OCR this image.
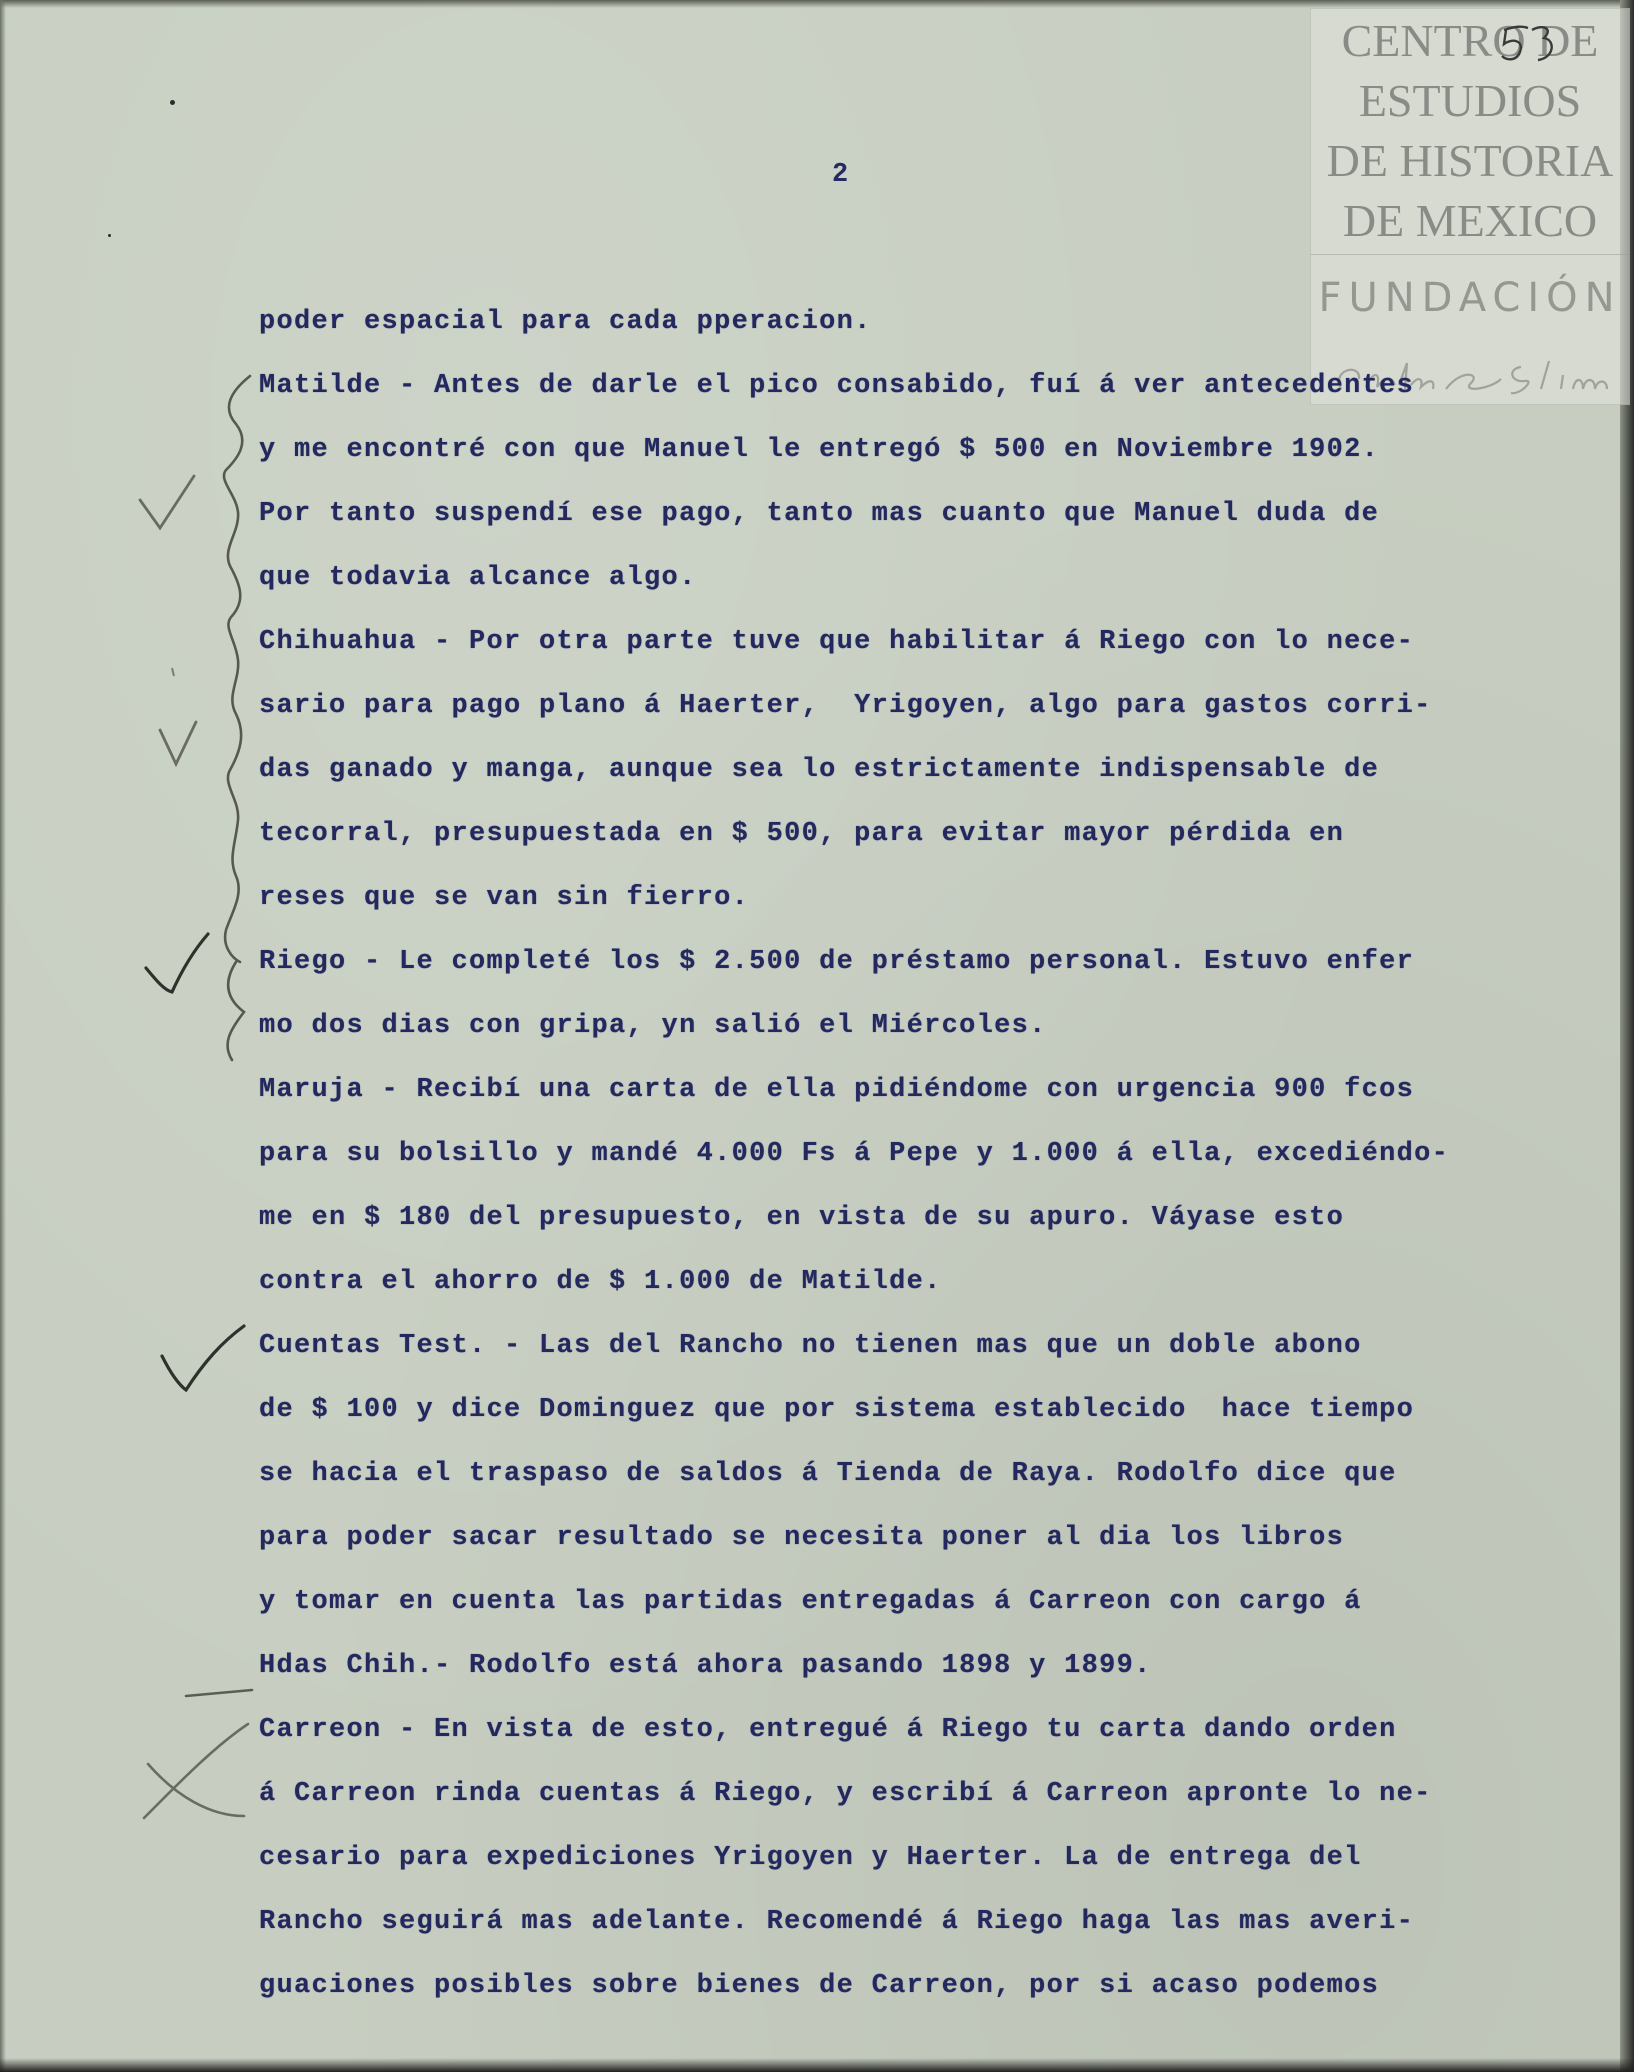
CENTRO DE
ESTUDIOS
DE HISTORIA
DE MEXICO
FUNDACIÓN
2
poder espacial para cada pperacion.
Matilde - Antes de darle el pico consabido, fuí á ver antecedentes
y me encontré con que Manuel le entregó $ 500 en Noviembre 1902.
Por tanto suspendí ese pago, tanto mas cuanto que Manuel duda de
que todavia alcance algo.
Chihuahua - Por otra parte tuve que habilitar á Riego con lo nece-
sario para pago plano á Haerter,  Yrigoyen, algo para gastos corri-
das ganado y manga, aunque sea lo estrictamente indispensable de
tecorral, presupuestada en $ 500, para evitar mayor pérdida en
reses que se van sin fierro.
Riego - Le completé los $ 2.500 de préstamo personal. Estuvo enfer
mo dos dias con gripa, yn salió el Miércoles.
Maruja - Recibí una carta de ella pidiéndome con urgencia 900 fcos
para su bolsillo y mandé 4.000 Fs á Pepe y 1.000 á ella, excediéndo-
me en $ 180 del presupuesto, en vista de su apuro. Váyase esto
contra el ahorro de $ 1.000 de Matilde.
Cuentas Test. - Las del Rancho no tienen mas que un doble abono
de $ 100 y dice Dominguez que por sistema establecido  hace tiempo
se hacia el traspaso de saldos á Tienda de Raya. Rodolfo dice que
para poder sacar resultado se necesita poner al dia los libros
y tomar en cuenta las partidas entregadas á Carreon con cargo á
Hdas Chih.- Rodolfo está ahora pasando 1898 y 1899.
Carreon - En vista de esto, entregué á Riego tu carta dando orden
á Carreon rinda cuentas á Riego, y escribí á Carreon apronte lo ne-
cesario para expediciones Yrigoyen y Haerter. La de entrega del
Rancho seguirá mas adelante. Recomendé á Riego haga las mas averi-
guaciones posibles sobre bienes de Carreon, por si acaso podemos
